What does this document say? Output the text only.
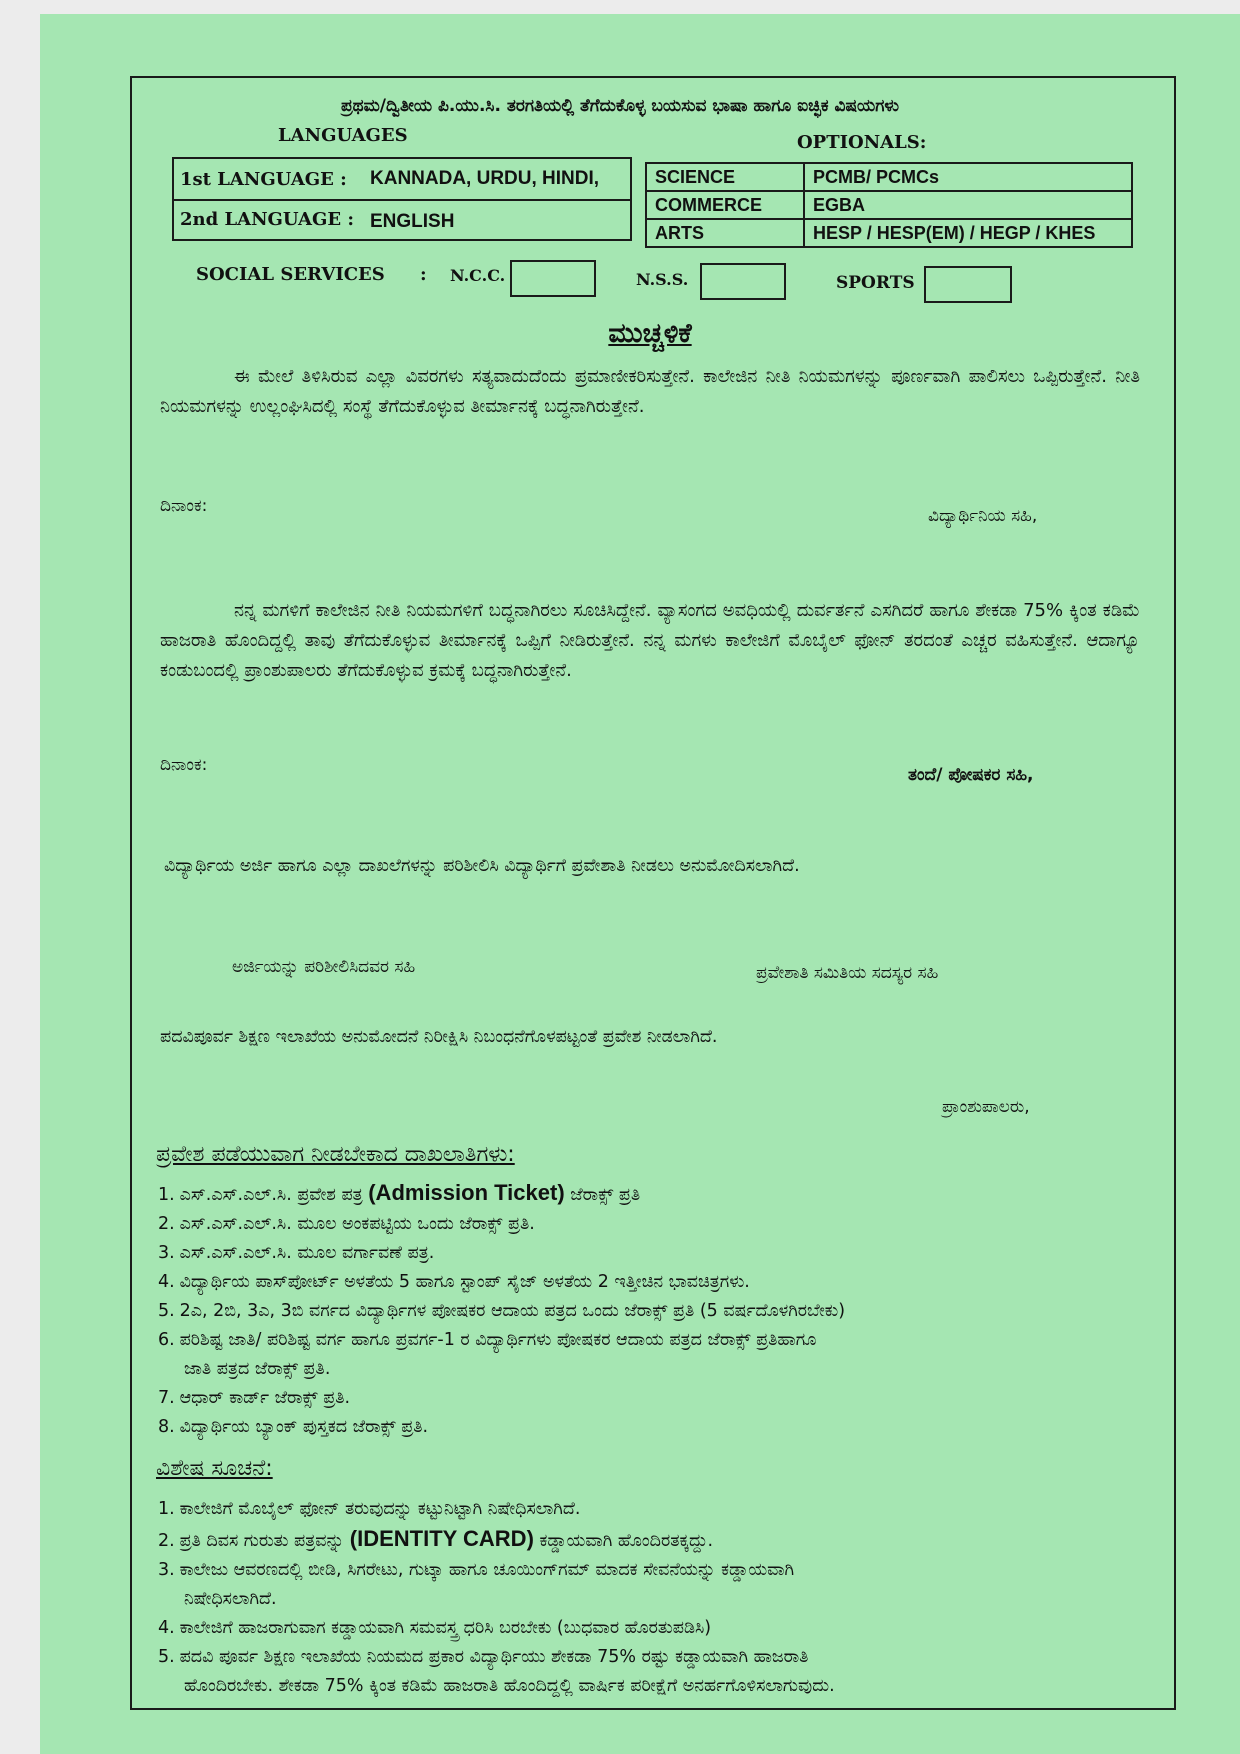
ಪ್ರಥಮ/ದ್ವಿತೀಯ ಪಿ.ಯು.ಸಿ. ತರಗತಿಯಲ್ಲಿ ತೆಗೆದುಕೊಳ್ಳ ಬಯಸುವ ಭಾಷಾ ಹಾಗೂ ಐಚ್ಛಿಕ ವಿಷಯಗಳು
LANGUAGES	OPTIONALS:
1st LANGUAGE : KANNADA, URDU, HINDI,
2nd LANGUAGE : ENGLISH
SCIENCE	PCMB/ PCMCs
COMMERCE	EGBA
ARTS	HESP / HESP(EM) / HEGP / KHES
SOCIAL SERVICES : N.C.C.	N.S.S.	SPORTS
ಮುಚ್ಚಳಿಕೆ

ಈ ಮೇಲೆ ತಿಳಿಸಿರುವ ಎಲ್ಲಾ ವಿವರಗಳು ಸತ್ಯವಾದುದೆಂದು ಪ್ರಮಾಣೀಕರಿಸುತ್ತೇನೆ. ಕಾಲೇಜಿನ ನೀತಿ ನಿಯಮಗಳನ್ನು ಪೂರ್ಣವಾಗಿ ಪಾಲಿಸಲು ಒಪ್ಪಿರುತ್ತೇನೆ. ನೀತಿ ನಿಯಮಗಳನ್ನು ಉಲ್ಲಂಘಿಸಿದಲ್ಲಿ ಸಂಸ್ಥೆ ತೆಗೆದುಕೊಳ್ಳುವ ತೀರ್ಮಾನಕ್ಕೆ ಬದ್ಧನಾಗಿರುತ್ತೇನೆ.

ದಿನಾಂಕ:	ವಿದ್ಯಾರ್ಥಿನಿಯ ಸಹಿ,

ನನ್ನ ಮಗಳಿಗೆ ಕಾಲೇಜಿನ ನೀತಿ ನಿಯಮಗಳಿಗೆ ಬದ್ಧನಾಗಿರಲು ಸೂಚಿಸಿದ್ದೇನೆ. ವ್ಯಾಸಂಗದ ಅವಧಿಯಲ್ಲಿ ದುರ್ವರ್ತನೆ ಎಸಗಿದರೆ ಹಾಗೂ ಶೇಕಡಾ 75% ಕ್ಕಿಂತ ಕಡಿಮೆ ಹಾಜರಾತಿ ಹೊಂದಿದ್ದಲ್ಲಿ ತಾವು ತೆಗೆದುಕೊಳ್ಳುವ ತೀರ್ಮಾನಕ್ಕೆ ಒಪ್ಪಿಗೆ ನೀಡಿರುತ್ತೇನೆ. ನನ್ನ ಮಗಳು ಕಾಲೇಜಿಗೆ ಮೊಬೈಲ್ ಫೋನ್ ತರದಂತೆ ಎಚ್ಚರ ವಹಿಸುತ್ತೇನೆ. ಆದಾಗ್ಯೂ ಕಂಡುಬಂದಲ್ಲಿ ಪ್ರಾಂಶುಪಾಲರು ತೆಗೆದುಕೊಳ್ಳುವ ಕ್ರಮಕ್ಕೆ ಬದ್ಧನಾಗಿರುತ್ತೇನೆ.

ದಿನಾಂಕ:	ತಂದೆ/ ಪೋಷಕರ ಸಹಿ,
ವಿದ್ಯಾರ್ಥಿಯ ಅರ್ಜಿ ಹಾಗೂ ಎಲ್ಲಾ ದಾಖಲೆಗಳನ್ನು ಪರಿಶೀಲಿಸಿ ವಿದ್ಯಾರ್ಥಿಗೆ ಪ್ರವೇಶಾತಿ ನೀಡಲು ಅನುಮೋದಿಸಲಾಗಿದೆ.
ಅರ್ಜಿಯನ್ನು ಪರಿಶೀಲಿಸಿದವರ ಸಹಿ	ಪ್ರವೇಶಾತಿ ಸಮಿತಿಯ ಸದಸ್ಯರ ಸಹಿ
ಪದವಿಪೂರ್ವ ಶಿಕ್ಷಣ ಇಲಾಖೆಯ ಅನುಮೋದನೆ ನಿರೀಕ್ಷಿಸಿ ನಿಬಂಧನೆಗೊಳಪಟ್ಟಂತೆ ಪ್ರವೇಶ ನೀಡಲಾಗಿದೆ.
ಪ್ರಾಂಶುಪಾಲರು,
ಪ್ರವೇಶ ಪಡೆಯುವಾಗ ನೀಡಬೇಕಾದ ದಾಖಲಾತಿಗಳು:
1. ಎಸ್.ಎಸ್.ಎಲ್.ಸಿ. ಪ್ರವೇಶ ಪತ್ರ (Admission Ticket) ಜೆರಾಕ್ಸ್ ಪ್ರತಿ
2. ಎಸ್.ಎಸ್.ಎಲ್.ಸಿ. ಮೂಲ ಅಂಕಪಟ್ಟಿಯ ಒಂದು ಜೆರಾಕ್ಸ್ ಪ್ರತಿ.
3. ಎಸ್.ಎಸ್.ಎಲ್.ಸಿ. ಮೂಲ ವರ್ಗಾವಣೆ ಪತ್ರ.
4. ವಿದ್ಯಾರ್ಥಿಯ ಪಾಸ್‌ಪೋರ್ಟ್ ಅಳತೆಯ 5 ಹಾಗೂ ಸ್ಟಾಂಪ್ ಸೈಜ್ ಅಳತೆಯ 2 ಇತ್ತೀಚಿನ ಭಾವಚಿತ್ರಗಳು.
5. 2ಎ, 2ಬಿ, 3ಎ, 3ಬಿ ವರ್ಗದ ವಿದ್ಯಾರ್ಥಿಗಳ ಪೋಷಕರ ಆದಾಯ ಪತ್ರದ ಒಂದು ಜೆರಾಕ್ಸ್ ಪ್ರತಿ (5 ವರ್ಷದೊಳಗಿರಬೇಕು)
6. ಪರಿಶಿಷ್ಟ ಜಾತಿ/ ಪರಿಶಿಷ್ಟ ವರ್ಗ ಹಾಗೂ ಪ್ರವರ್ಗ-1 ರ ವಿದ್ಯಾರ್ಥಿಗಳು ಪೋಷಕರ ಆದಾಯ ಪತ್ರದ ಜೆರಾಕ್ಸ್ ಪ್ರತಿಹಾಗೂ
ಜಾತಿ ಪತ್ರದ ಜೆರಾಕ್ಸ್ ಪ್ರತಿ.
7. ಆಧಾರ್ ಕಾರ್ಡ್ ಜೆರಾಕ್ಸ್ ಪ್ರತಿ.
8. ವಿದ್ಯಾರ್ಥಿಯ ಬ್ಯಾಂಕ್ ಪುಸ್ತಕದ ಜೆರಾಕ್ಸ್ ಪ್ರತಿ.
ವಿಶೇಷ ಸೂಚನೆ:
1. ಕಾಲೇಜಿಗೆ ಮೊಬೈಲ್ ಫೋನ್ ತರುವುದನ್ನು ಕಟ್ಟುನಿಟ್ಟಾಗಿ ನಿಷೇಧಿಸಲಾಗಿದೆ.
2. ಪ್ರತಿ ದಿವಸ ಗುರುತು ಪತ್ರವನ್ನು (IDENTITY CARD) ಕಡ್ಡಾಯವಾಗಿ ಹೊಂದಿರತಕ್ಕದ್ದು.
3. ಕಾಲೇಜು ಆವರಣದಲ್ಲಿ ಬೀಡಿ, ಸಿಗರೇಟು, ಗುಟ್ಕಾ ಹಾಗೂ ಚೂಯಿಂಗ್‌ಗಮ್ ಮಾದಕ ಸೇವನೆಯನ್ನು ಕಡ್ಡಾಯವಾಗಿ
ನಿಷೇಧಿಸಲಾಗಿದೆ.
4. ಕಾಲೇಜಿಗೆ ಹಾಜರಾಗುವಾಗ ಕಡ್ಡಾಯವಾಗಿ ಸಮವಸ್ತ್ರ ಧರಿಸಿ ಬರಬೇಕು (ಬುಧವಾರ ಹೊರತುಪಡಿಸಿ)
5. ಪದವಿ ಪೂರ್ವ ಶಿಕ್ಷಣ ಇಲಾಖೆಯ ನಿಯಮದ ಪ್ರಕಾರ ವಿದ್ಯಾರ್ಥಿಯು ಶೇಕಡಾ 75% ರಷ್ಟು ಕಡ್ಡಾಯವಾಗಿ ಹಾಜರಾತಿ
ಹೊಂದಿರಬೇಕು. ಶೇಕಡಾ 75% ಕ್ಕಿಂತ ಕಡಿಮೆ ಹಾಜರಾತಿ ಹೊಂದಿದ್ದಲ್ಲಿ ವಾರ್ಷಿಕ ಪರೀಕ್ಷೆಗೆ ಅನರ್ಹಗೊಳಿಸಲಾಗುವುದು.
